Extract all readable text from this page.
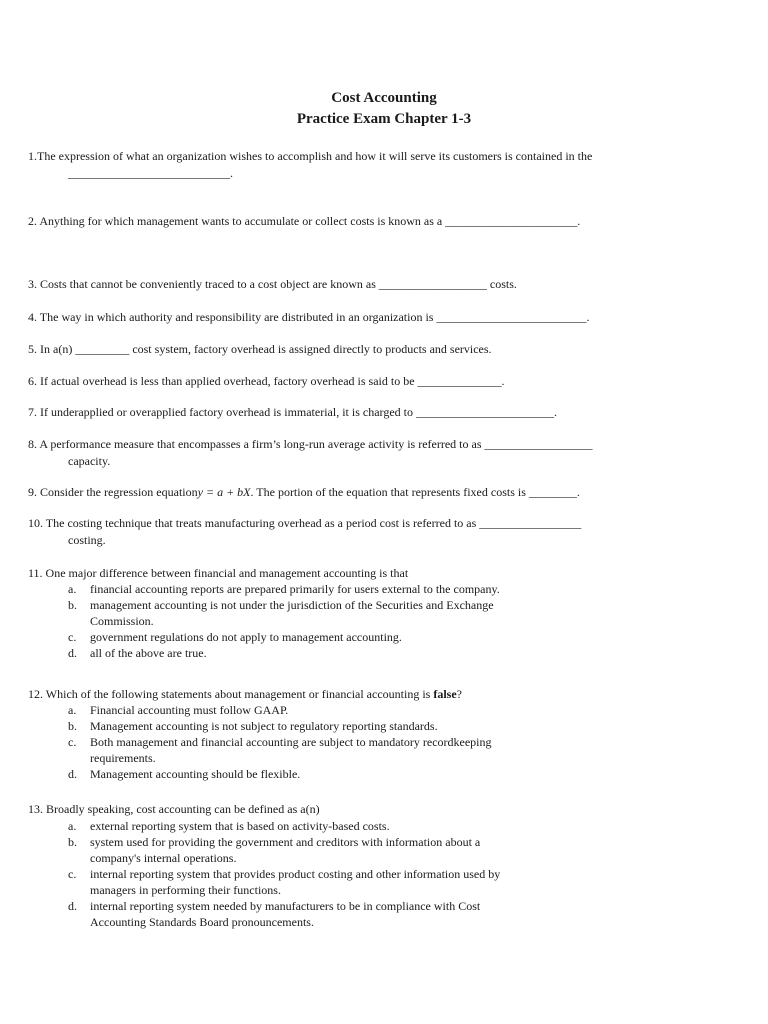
Cost Accounting
Practice Exam Chapter 1-3
1.The expression of what an organization wishes to accomplish and how it will serve its customers is contained in the
___________________________.
2. Anything for which management wants to accumulate or collect costs is known as a ______________________.
3. Costs that cannot be conveniently traced to a cost object are known as __________________ costs.
4. The way in which authority and responsibility are distributed in an organization is _________________________.
5. In a(n) _________ cost system, factory overhead is assigned directly to products and services.
6. If actual overhead is less than applied overhead, factory overhead is said to be ______________.
7. If underapplied or overapplied factory overhead is immaterial, it is charged to _______________________.
8. A performance measure that encompasses a firm’s long-run average activity is referred to as __________________
capacity.
9. Consider the regression equationy = a + bX. The portion of the equation that represents fixed costs is ________.
10. The costing technique that treats manufacturing overhead as a period cost is referred to as _________________
costing.
11. One major difference between financial and management accounting is that
a. financial accounting reports are prepared primarily for users external to the company.
b. management accounting is not under the jurisdiction of the Securities and Exchange
Commission.
c. government regulations do not apply to management accounting.
d. all of the above are true.
12. Which of the following statements about management or financial accounting is false?
a. Financial accounting must follow GAAP.
b. Management accounting is not subject to regulatory reporting standards.
c. Both management and financial accounting are subject to mandatory recordkeeping
requirements.
d. Management accounting should be flexible.
13. Broadly speaking, cost accounting can be defined as a(n)
a. external reporting system that is based on activity-based costs.
b. system used for providing the government and creditors with information about a
company's internal operations.
c. internal reporting system that provides product costing and other information used by
managers in performing their functions.
d. internal reporting system needed by manufacturers to be in compliance with Cost
Accounting Standards Board pronouncements.
